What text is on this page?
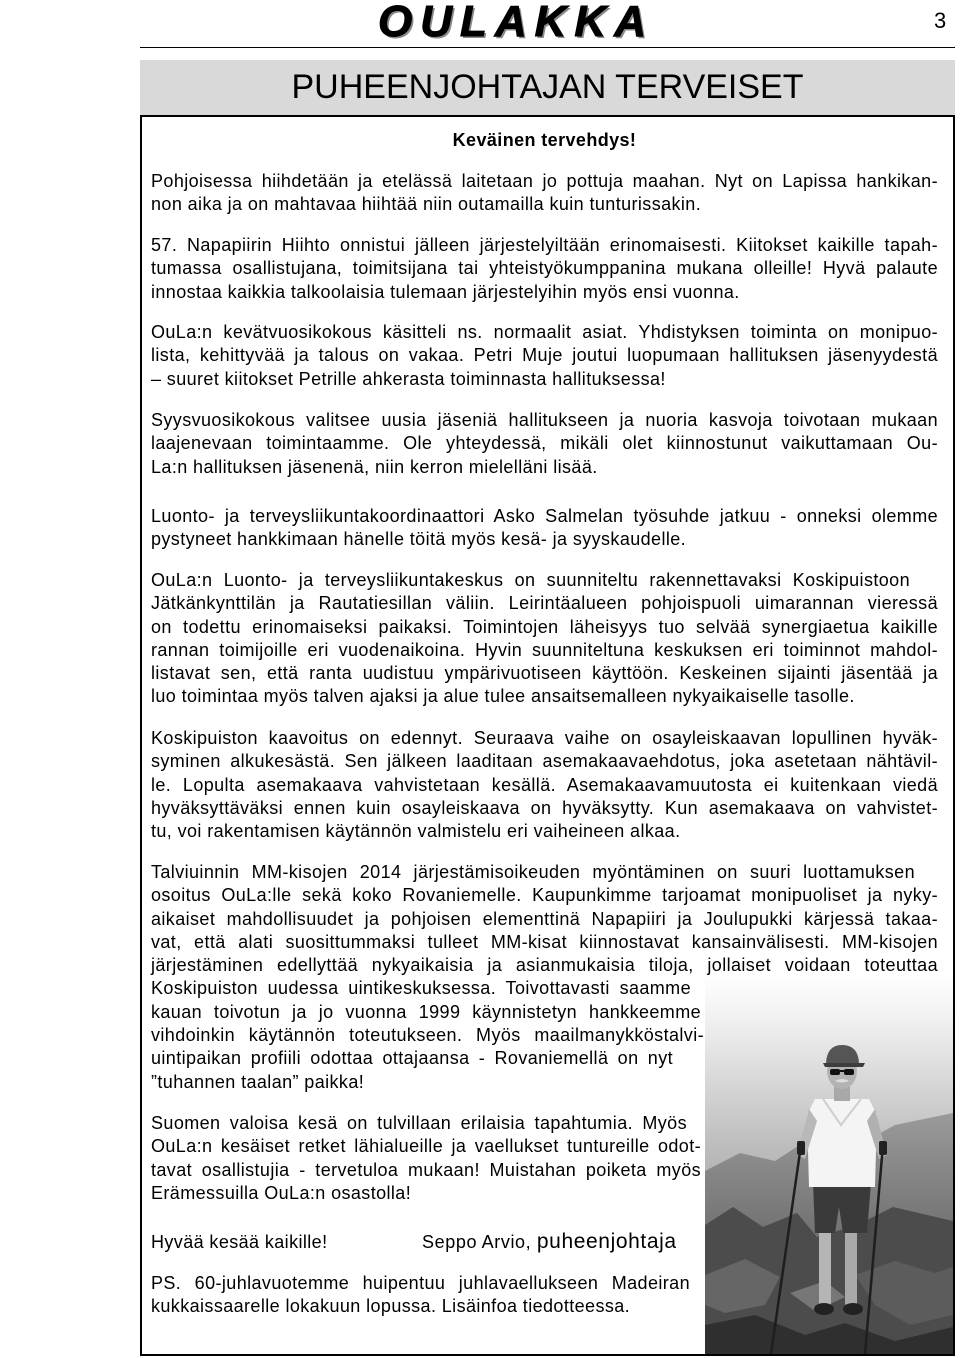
OULAKKA	3
PUHEENJOHTAJAN TERVEISET
Keväinen tervehdys!
Pohjoisessa hiihdetään ja etelässä laitetaan jo pottuja maahan. Nyt on Lapissa hankikan-
non aika ja on mahtavaa hiihtää niin outamailla kuin tunturissakin.
57. Napapiirin Hiihto onnistui jälleen järjestelyiltään erinomaisesti. Kiitokset kaikille tapah-
tumassa osallistujana, toimitsijana tai yhteistyökumppanina mukana olleille! Hyvä palaute
innostaa kaikkia talkoolaisia tulemaan järjestelyihin myös ensi vuonna.
OuLa:n kevätvuosikokous käsitteli ns. normaalit asiat. Yhdistyksen toiminta on monipuo-
lista, kehittyvää ja talous on vakaa. Petri Muje joutui luopumaan hallituksen jäsenyydestä
– suuret kiitokset Petrille ahkerasta toiminnasta hallituksessa!
Syysvuosikokous valitsee uusia jäseniä hallitukseen ja nuoria kasvoja toivotaan mukaan
laajenevaan toimintaamme. Ole yhteydessä, mikäli olet kiinnostunut vaikuttamaan Ou-
La:n hallituksen jäsenenä, niin kerron mielelläni lisää.
Luonto- ja terveysliikuntakoordinaattori Asko Salmelan työsuhde jatkuu - onneksi olemme
pystyneet hankkimaan hänelle töitä myös kesä- ja syyskaudelle.
OuLa:n Luonto- ja terveysliikuntakeskus on suunniteltu rakennettavaksi Koskipuistoon
Jätkänkynttilän ja Rautatiesillan väliin. Leirintäalueen pohjoispuoli uimarannan vieressä
on todettu erinomaiseksi paikaksi. Toimintojen läheisyys tuo selvää synergiaetua kaikille
rannan toimijoille eri vuodenaikoina. Hyvin suunniteltuna keskuksen eri toiminnot mahdol-
listavat sen, että ranta uudistuu ympärivuotiseen käyttöön. Keskeinen sijainti jäsentää ja
luo toimintaa myös talven ajaksi ja alue tulee ansaitsemalleen nykyaikaiselle tasolle.
Koskipuiston kaavoitus on edennyt. Seuraava vaihe on osayleiskaavan lopullinen hyväk-
syminen alkukesästä. Sen jälkeen laaditaan asemakaavaehdotus, joka asetetaan nähtävil-
le. Lopulta asemakaava vahvistetaan kesällä. Asemakaavamuutosta ei kuitenkaan viedä
hyväksyttäväksi ennen kuin osayleiskaava on hyväksytty. Kun asemakaava on vahvistet-
tu, voi rakentamisen käytännön valmistelu eri vaiheineen alkaa.
Talviuinnin MM-kisojen 2014 järjestämisoikeuden myöntäminen on suuri luottamuksen
osoitus OuLa:lle sekä koko Rovaniemelle. Kaupunkimme tarjoamat monipuoliset ja nyky-
aikaiset mahdollisuudet ja pohjoisen elementtinä Napapiiri ja Joulupukki kärjessä takaa-
vat, että alati suosittummaksi tulleet MM-kisat kiinnostavat kansainvälisesti. MM-kisojen
järjestäminen edellyttää nykyaikaisia ja asianmukaisia tiloja, jollaiset voidaan toteuttaa
Koskipuiston uudessa uintikeskuksessa. Toivottavasti saamme
kauan toivotun ja jo vuonna 1999 käynnistetyn hankkeemme
vihdoinkin käytännön toteutukseen. Myös maailmanykköstalvi-
uintipaikan profiili odottaa ottajaansa - Rovaniemellä on nyt
”tuhannen taalan” paikka!
Suomen valoisa kesä on tulvillaan erilaisia tapahtumia. Myös
OuLa:n kesäiset retket lähialueille ja vaellukset tuntureille odot-
tavat osallistujia - tervetuloa mukaan! Muistahan poiketa myös
Erämessuilla OuLa:n osastolla!
Hyvää kesää kaikille!	Seppo Arvio, puheenjohtaja
PS. 60-juhlavuotemme huipentuu juhlavaellukseen Madeiran
kukkaissaarelle lokakuun lopussa. Lisäinfoa tiedotteessa.
